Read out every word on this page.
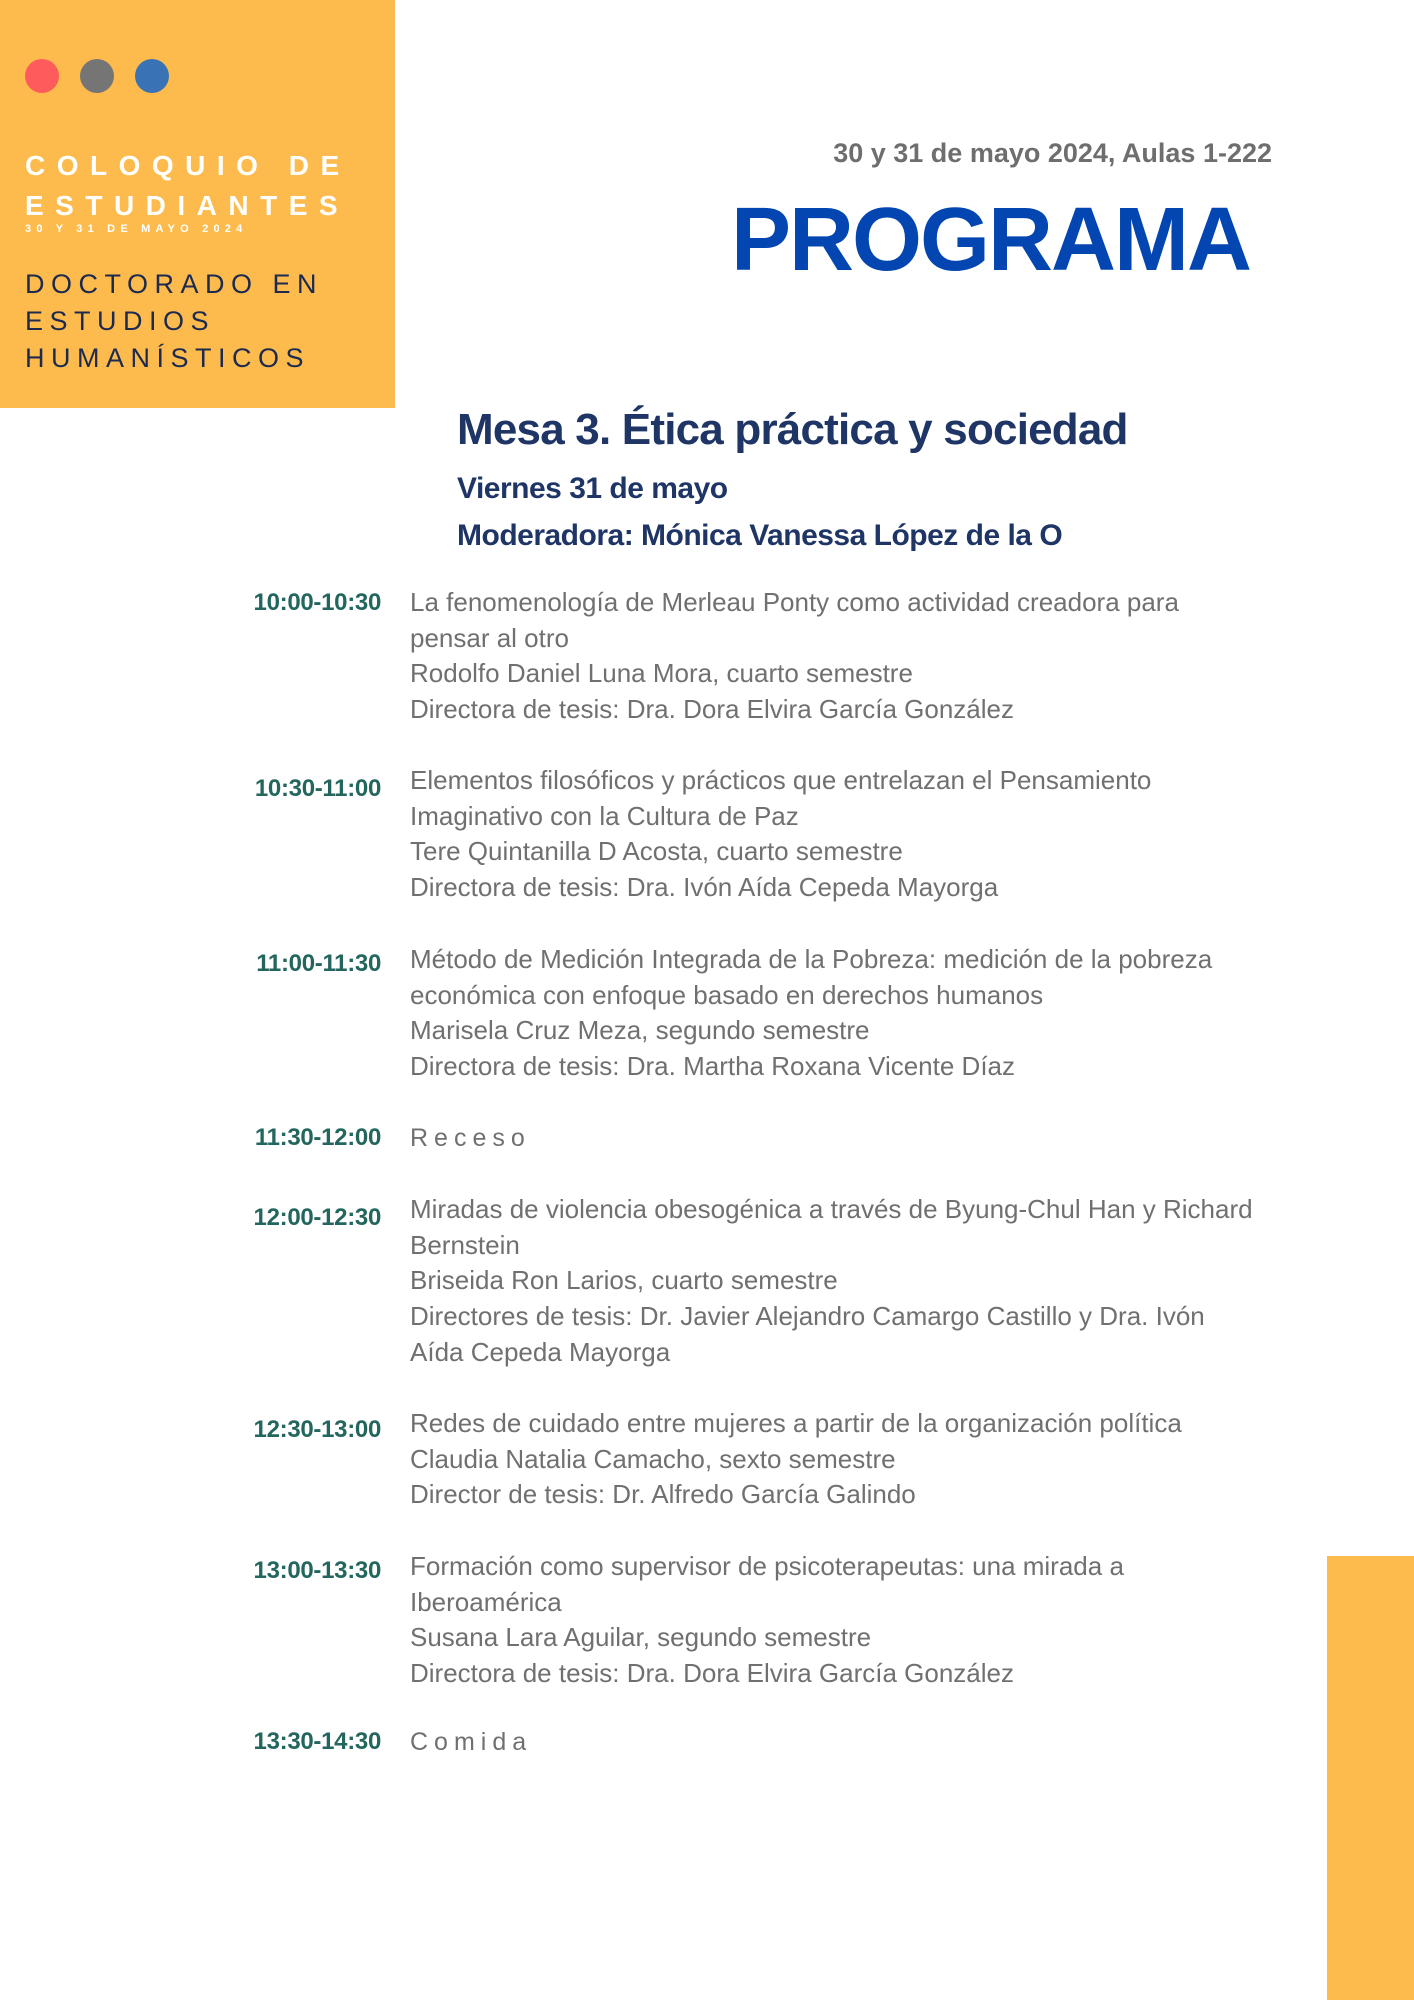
COLOQUIO DE
ESTUDIANTES
30 Y 31 DE MAYO 2024
DOCTORADO EN
ESTUDIOS
HUMANÍSTICOS
30 y 31 de mayo 2024, Aulas 1-222
PROGRAMA
Mesa 3. Ética práctica y sociedad
Viernes 31 de mayo
Moderadora: Mónica Vanessa López de la O
10:00-10:30 La fenomenología de Merleau Ponty como actividad creadora para
pensar al otro
Rodolfo Daniel Luna Mora, cuarto semestre
Directora de tesis: Dra. Dora Elvira García González
10:30-11:00 Elementos filosóficos y prácticos que entrelazan el Pensamiento
Imaginativo con la Cultura de Paz
Tere Quintanilla D Acosta, cuarto semestre
Directora de tesis: Dra. Ivón Aída Cepeda Mayorga
11:00-11:30 Método de Medición Integrada de la Pobreza: medición de la pobreza
económica con enfoque basado en derechos humanos
Marisela Cruz Meza, segundo semestre
Directora de tesis: Dra. Martha Roxana Vicente Díaz
11:30-12:00 Receso
12:00-12:30 Miradas de violencia obesogénica a través de Byung-Chul Han y Richard
Bernstein
Briseida Ron Larios, cuarto semestre
Directores de tesis: Dr. Javier Alejandro Camargo Castillo y Dra. Ivón
Aída Cepeda Mayorga
12:30-13:00 Redes de cuidado entre mujeres a partir de la organización política
Claudia Natalia Camacho, sexto semestre
Director de tesis: Dr. Alfredo García Galindo
13:00-13:30 Formación como supervisor de psicoterapeutas: una mirada a
Iberoamérica
Susana Lara Aguilar, segundo semestre
Directora de tesis: Dra. Dora Elvira García González
13:30-14:30 Comida
